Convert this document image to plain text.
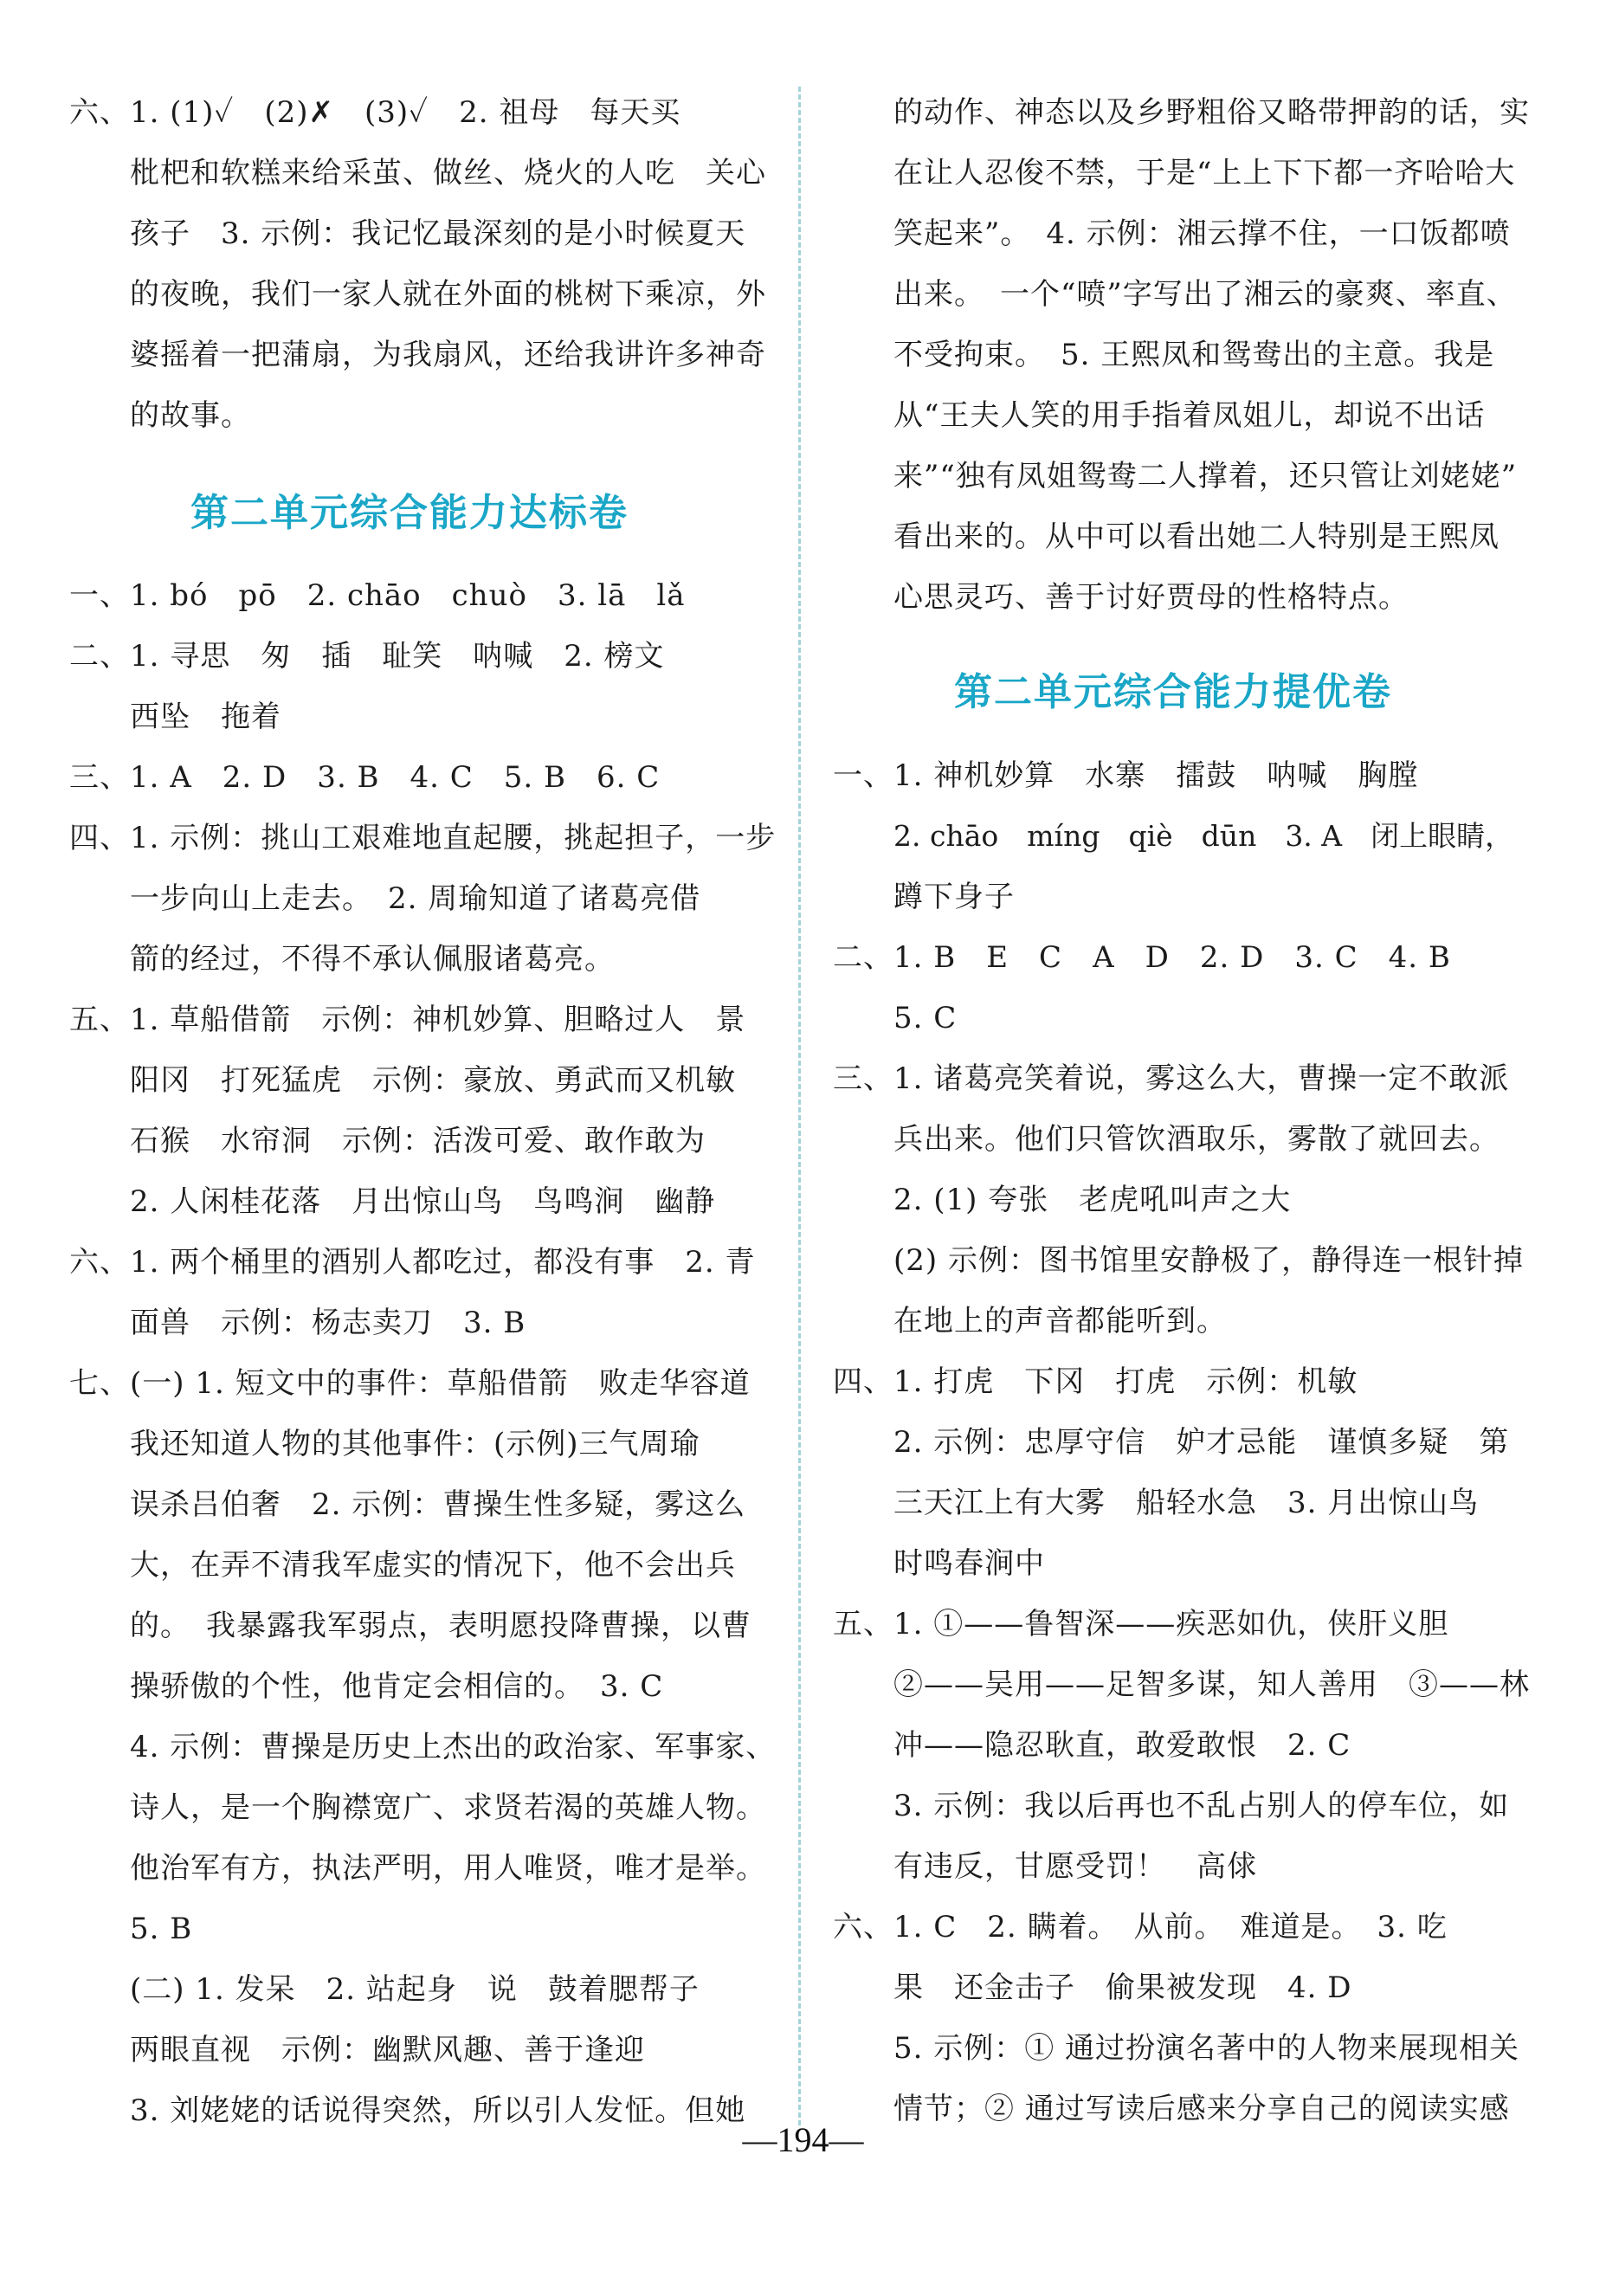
六、1. (1)✓　(2)✗　(3)✓　2. 祖母　每天买
枇杷和软糕来给采茧、做丝、烧火的人吃　关心
孩子　3. 示例：我记忆最深刻的是小时候夏天
的夜晚，我们一家人就在外面的桃树下乘凉，外
婆摇着一把蒲扇，为我扇风，还给我讲许多神奇
的故事。
第二单元综合能力达标卷
一、1. bó　pō　2. chāo　chuò　3. lā　lǎ
二、1. 寻思　匆　插　耻笑　呐喊　2. 榜文
西坠　拖着
三、1. A　2. D　3. B　4. C　5. B　6. C
四、1. 示例：挑山工艰难地直起腰，挑起担子，一步
一步向山上走去。　2. 周瑜知道了诸葛亮借
箭的经过，不得不承认佩服诸葛亮。
五、1. 草船借箭　示例：神机妙算、胆略过人　景
阳冈　打死猛虎　示例：豪放、勇武而又机敏
石猴　水帘洞　示例：活泼可爱、敢作敢为
2. 人闲桂花落　月出惊山鸟　鸟鸣涧　幽静
六、1. 两个桶里的酒别人都吃过，都没有事　2. 青
面兽　示例：杨志卖刀　3. B
七、(一) 1. 短文中的事件：草船借箭　败走华容道
我还知道人物的其他事件：(示例)三气周瑜
误杀吕伯奢　2. 示例：曹操生性多疑，雾这么
大，在弄不清我军虚实的情况下，他不会出兵
的。　我暴露我军弱点，表明愿投降曹操，以曹
操骄傲的个性，他肯定会相信的。　3. C
4. 示例：曹操是历史上杰出的政治家、军事家、
诗人，是一个胸襟宽广、求贤若渴的英雄人物。
他治军有方，执法严明，用人唯贤，唯才是举。
5. B
(二) 1. 发呆　2. 站起身　说　鼓着腮帮子
两眼直视　示例：幽默风趣、善于逢迎
3. 刘姥姥的话说得突然，所以引人发怔。但她
的动作、神态以及乡野粗俗又略带押韵的话，实
在让人忍俊不禁，于是“上上下下都一齐哈哈大
笑起来”。　4. 示例：湘云撑不住，一口饭都喷
出来。　一个“喷”字写出了湘云的豪爽、率直、
不受拘束。　5. 王熙凤和鸳鸯出的主意。我是
从“王夫人笑的用手指着凤姐儿，却说不出话
来”“独有凤姐鸳鸯二人撑着，还只管让刘姥姥”
看出来的。从中可以看出她二人特别是王熙凤
心思灵巧、善于讨好贾母的性格特点。
第二单元综合能力提优卷
一、1. 神机妙算　水寨　擂鼓　呐喊　胸膛
2. chāo　míng　qiè　dūn　3. A　闭上眼睛，
蹲下身子
二、1. B　E　C　A　D　2. D　3. C　4. B
5. C
三、1. 诸葛亮笑着说，雾这么大，曹操一定不敢派
兵出来。他们只管饮酒取乐，雾散了就回去。
2. (1) 夸张　老虎吼叫声之大
(2) 示例：图书馆里安静极了，静得连一根针掉
在地上的声音都能听到。
四、1. 打虎　下冈　打虎　示例：机敏
2. 示例：忠厚守信　妒才忌能　谨慎多疑　第
三天江上有大雾　船轻水急　3. 月出惊山鸟
时鸣春涧中
五、1. ①——鲁智深——疾恶如仇，侠肝义胆
②——吴用——足智多谋，知人善用　③——林
冲——隐忍耿直，敢爱敢恨　2. C
3. 示例：我以后再也不乱占别人的停车位，如
有违反，甘愿受罚！　高俅
六、1. C　2. 瞒着。　从前。　难道是。　3. 吃
果　还金击子　偷果被发现　4. D
5. 示例：① 通过扮演名著中的人物来展现相关
情节；② 通过写读后感来分享自己的阅读实感
—194—
